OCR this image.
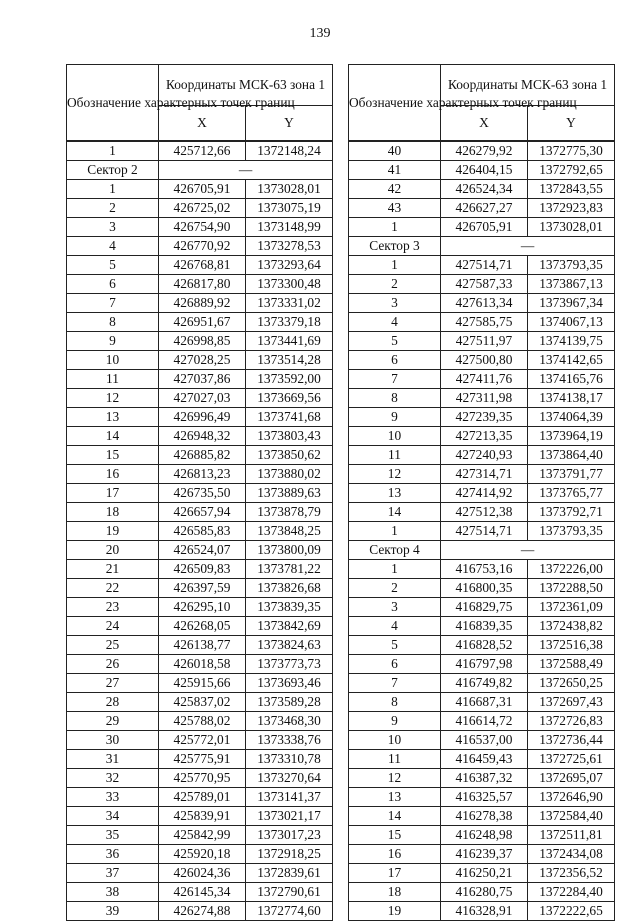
139
Обозначение характерных точек границ	Координаты МСК-63 зона 1	
	X	Y
1	425712,66	1372148,24
Сектор 2	—	
1	426705,91	1373028,01
2	426725,02	1373075,19
3	426754,90	1373148,99
4	426770,92	1373278,53
5	426768,81	1373293,64
6	426817,80	1373300,48
7	426889,92	1373331,02
8	426951,67	1373379,18
9	426998,85	1373441,69
10	427028,25	1373514,28
11	427037,86	1373592,00
12	427027,03	1373669,56
13	426996,49	1373741,68
14	426948,32	1373803,43
15	426885,82	1373850,62
16	426813,23	1373880,02
17	426735,50	1373889,63
18	426657,94	1373878,79
19	426585,83	1373848,25
20	426524,07	1373800,09
21	426509,83	1373781,22
22	426397,59	1373826,68
23	426295,10	1373839,35
24	426268,05	1373842,69
25	426138,77	1373824,63
26	426018,58	1373773,73
27	425915,66	1373693,46
28	425837,02	1373589,28
29	425788,02	1373468,30
30	425772,01	1373338,76
31	425775,91	1373310,78
32	425770,95	1373270,64
33	425789,01	1373141,37
34	425839,91	1373021,17
35	425842,99	1373017,23
36	425920,18	1372918,25
37	426024,36	1372839,61
38	426145,34	1372790,61
39	426274,88	1372774,60
Обозначение характерных точек границ	Координаты МСК-63 зона 1	
	X	Y
40	426279,92	1372775,30
41	426404,15	1372792,65
42	426524,34	1372843,55
43	426627,27	1372923,83
1	426705,91	1373028,01
Сектор 3	—	
1	427514,71	1373793,35
2	427587,33	1373867,13
3	427613,34	1373967,34
4	427585,75	1374067,13
5	427511,97	1374139,75
6	427500,80	1374142,65
7	427411,76	1374165,76
8	427311,98	1374138,17
9	427239,35	1374064,39
10	427213,35	1373964,19
11	427240,93	1373864,40
12	427314,71	1373791,77
13	427414,92	1373765,77
14	427512,38	1373792,71
1	427514,71	1373793,35
Сектор 4	—	
1	416753,16	1372226,00
2	416800,35	1372288,50
3	416829,75	1372361,09
4	416839,35	1372438,82
5	416828,52	1372516,38
6	416797,98	1372588,49
7	416749,82	1372650,25
8	416687,31	1372697,43
9	416614,72	1372726,83
10	416537,00	1372736,44
11	416459,43	1372725,61
12	416387,32	1372695,07
13	416325,57	1372646,90
14	416278,38	1372584,40
15	416248,98	1372511,81
16	416239,37	1372434,08
17	416250,21	1372356,52
18	416280,75	1372284,40
19	416328,91	1372222,65
